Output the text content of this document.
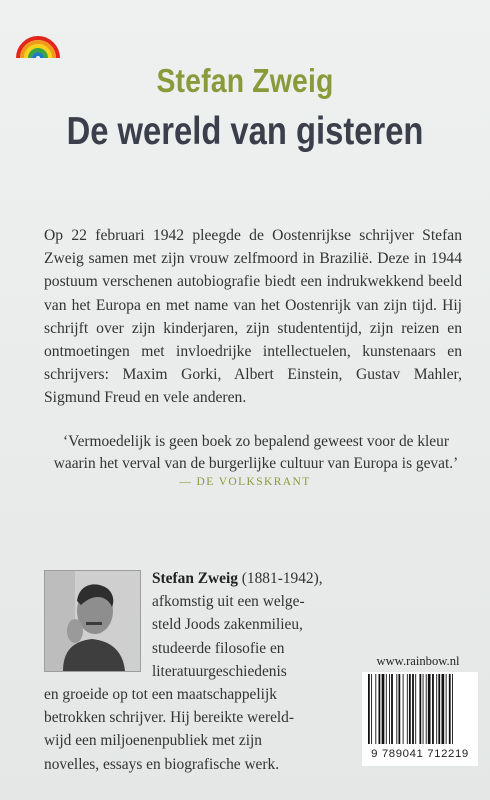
Stefan Zweig
De wereld van gisteren

Op 22 februari 1942 pleegde de Oostenrijkse schrijver Stefan Zweig samen met zijn vrouw zelfmoord in Brazilië. Deze in 1944 postuum verschenen autobiografie biedt een indrukwekkend beeld van het Europa en met name van het Oostenrijk van zijn tijd. Hij schrijft over zijn kinderjaren, zijn studententijd, zijn reizen en ontmoetingen met invloedrijke intellectuelen, kunstenaars en schrijvers: Maxim Gorki, Albert Einstein, Gustav Mahler, Sigmund Freud en vele anderen.

‘Vermoedelijk is geen boek zo bepalend geweest voor de kleur waarin het verval van de burgerlijke cultuur van Europa is gevat.’

— DE VOLKSKRANT
Stefan Zweig (1881-1942),
afkomstig uit een welge-
steld Joods zakenmilieu,
studeerde filosofie en
literatuurgeschiedenis
en groeide op tot een maatschappelijk
betrokken schrijver. Hij bereikte wereld-
wijd een miljoenenpubliek met zijn
novelles, essays en biografische werk.
www.rainbow.nl
9 789041 712219
